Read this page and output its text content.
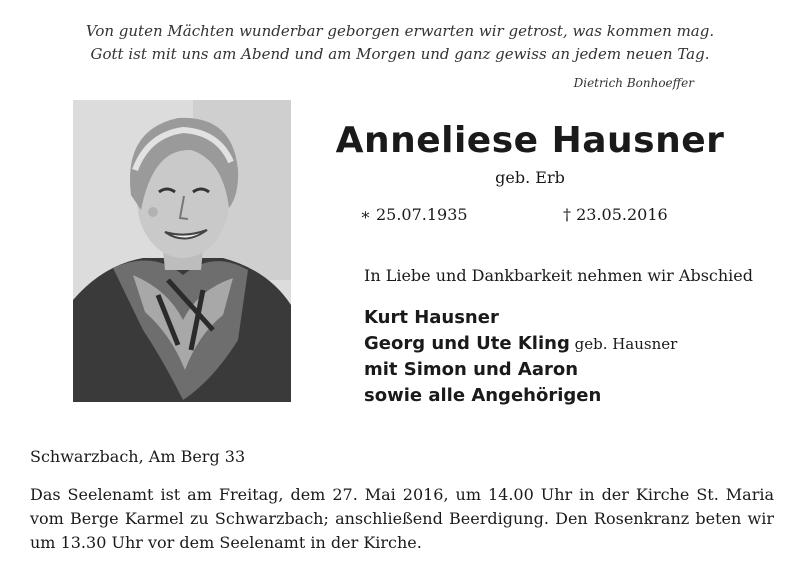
Von guten Mächten wunderbar geborgen erwarten wir getrost, was kommen mag.
Gott ist mit uns am Abend und am Morgen und ganz gewiss an jedem neuen Tag.
Dietrich Bonhoeffer
Anneliese Hausner
geb. Erb
∗ 25.07.1935	† 23.05.2016
In Liebe und Dankbarkeit nehmen wir Abschied
Kurt Hausner
Georg und Ute Kling geb. Hausner
mit Simon und Aaron
sowie alle Angehörigen
Schwarzbach, Am Berg 33
Das Seelenamt ist am Freitag, dem 27. Mai 2016, um 14.00 Uhr in der Kirche St. Maria vom Berge Karmel zu Schwarzbach; anschließend Beerdigung. Den Rosenkranz beten wir um 13.30 Uhr vor dem Seelenamt in der Kirche.
